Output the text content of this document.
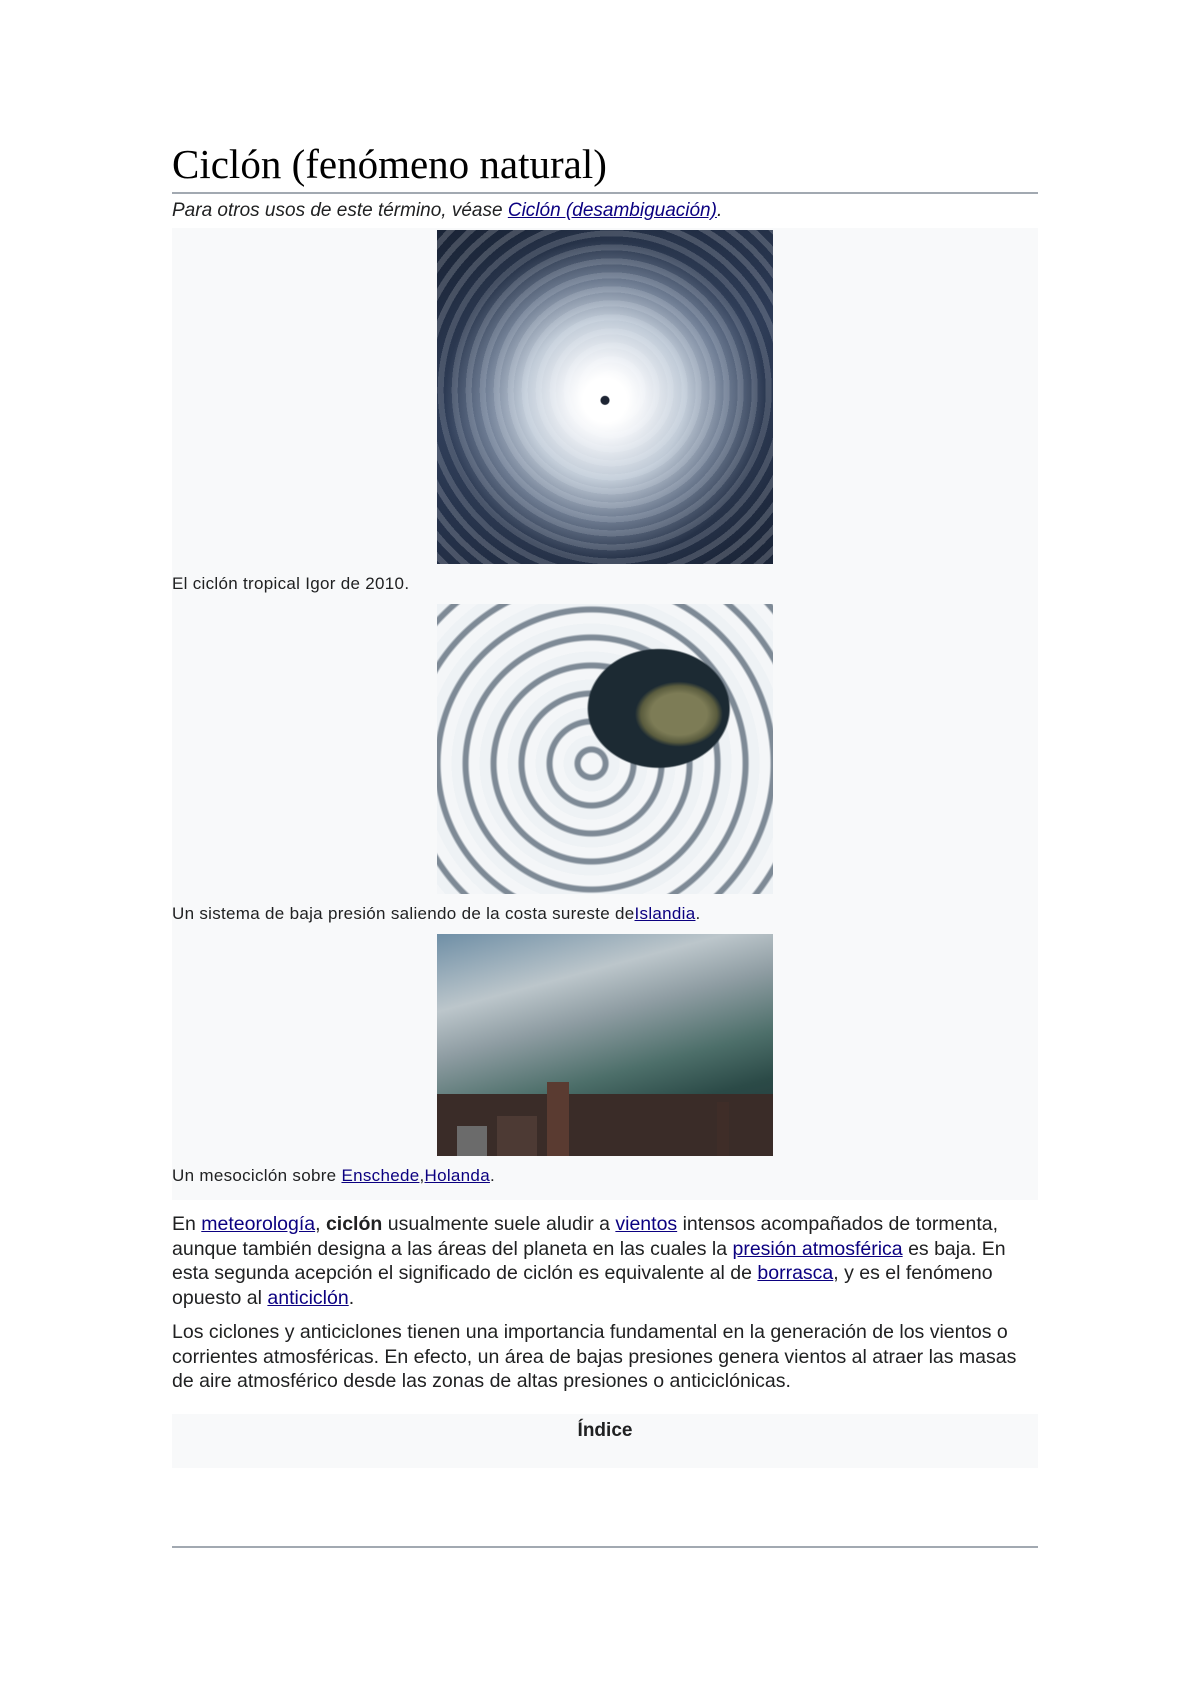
Ciclón (fenómeno natural)
Para otros usos de este término, véase Ciclón (desambiguación).
El ciclón tropical Igor de 2010.
Un sistema de baja presión saliendo de la costa sureste deIslandia.
Un mesociclón sobre Enschede,Holanda.

En meteorología, ciclón usualmente suele aludir a vientos intensos acompañados de tormenta, aunque también designa a las áreas del planeta en las cuales la presión atmosférica es baja. En esta segunda acepción el significado de ciclón es equivalente al de borrasca, y es el fenómeno opuesto al anticiclón.

Los ciclones y anticiclones tienen una importancia fundamental en la generación de los vientos o corrientes atmosféricas. En efecto, un área de bajas presiones genera vientos al atraer las masas de aire atmosférico desde las zonas de altas presiones o anticiclónicas.

Índice
